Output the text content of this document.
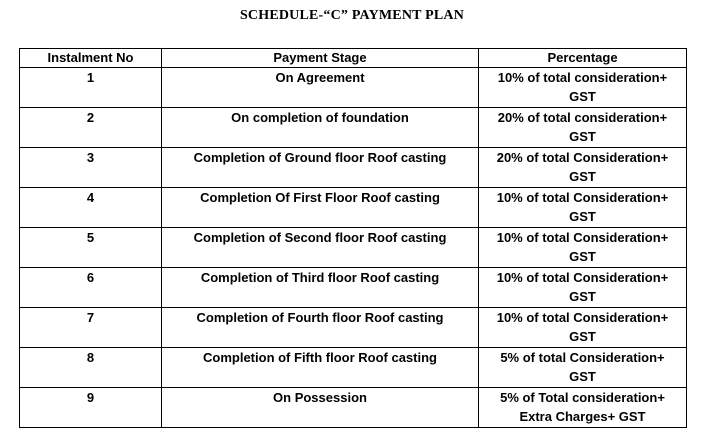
SCHEDULE-“C” PAYMENT PLAN
Instalment No	Payment Stage	Percentage
1	On Agreement	10% of total consideration+
GST
2	On completion of foundation	20% of total consideration+
GST
3	Completion of Ground floor Roof casting	20% of total Consideration+
GST
4	Completion Of First Floor Roof casting	10% of total Consideration+
GST
5	Completion of Second floor Roof casting	10% of total Consideration+
GST
6	Completion of Third floor Roof casting	10% of total Consideration+
GST
7	Completion of Fourth floor Roof casting	10% of total Consideration+
GST
8	Completion of Fifth floor Roof casting	5% of total Consideration+
GST
9	On Possession	5% of Total consideration+
Extra Charges+ GST
